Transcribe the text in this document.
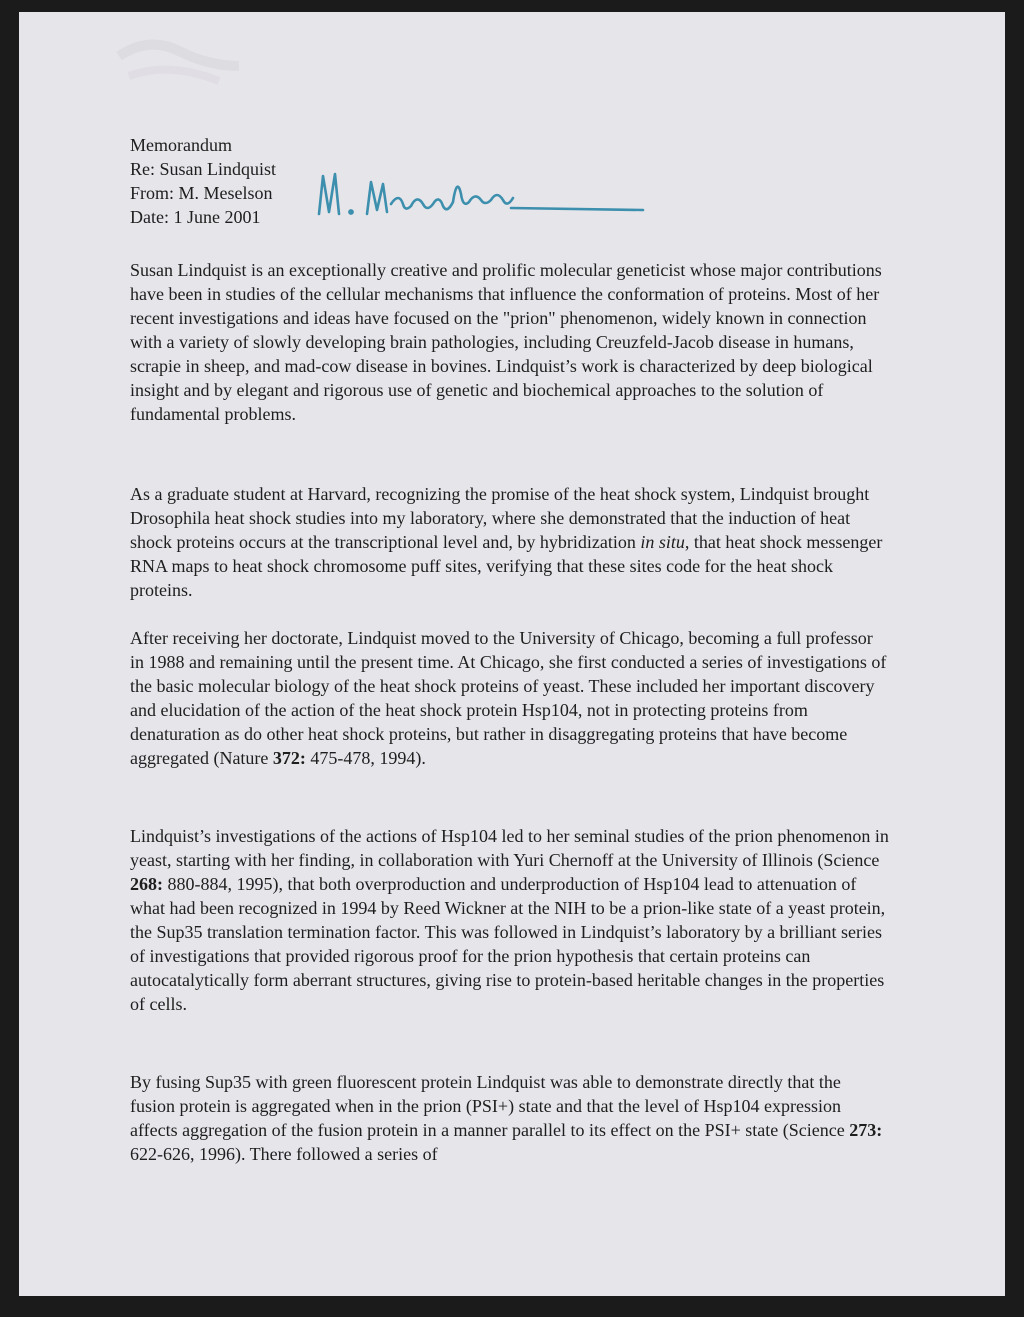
Memorandum
Re: Susan Lindquist
From: M. Meselson
Date: 1 June 2001

Susan Lindquist is an exceptionally creative and prolific molecular geneticist whose major contributions have been in studies of the cellular mechanisms that influence the conformation of proteins. Most of her recent investigations and ideas have focused on the "prion" phenomenon, widely known in connection with a variety of slowly developing brain pathologies, including Creuzfeld-Jacob disease in humans, scrapie in sheep, and mad-cow disease in bovines. Lindquist’s work is characterized by deep biological insight and by elegant and rigorous use of genetic and biochemical approaches to the solution of fundamental problems.

As a graduate student at Harvard, recognizing the promise of the heat shock system, Lindquist brought Drosophila heat shock studies into my laboratory, where she demonstrated that the induction of heat shock proteins occurs at the transcriptional level and, by hybridization in situ, that heat shock messenger RNA maps to heat shock chromosome puff sites, verifying that these sites code for the heat shock proteins.

After receiving her doctorate, Lindquist moved to the University of Chicago, becoming a full professor in 1988 and remaining until the present time. At Chicago, she first conducted a series of investigations of the basic molecular biology of the heat shock proteins of yeast. These included her important discovery and elucidation of the action of the heat shock protein Hsp104, not in protecting proteins from denaturation as do other heat shock proteins, but rather in disaggregating proteins that have become aggregated (Nature 372: 475-478, 1994).

Lindquist’s investigations of the actions of Hsp104 led to her seminal studies of the prion phenomenon in yeast, starting with her finding, in collaboration with Yuri Chernoff at the University of Illinois (Science 268: 880-884, 1995), that both overproduction and underproduction of Hsp104 lead to attenuation of what had been recognized in 1994 by Reed Wickner at the NIH to be a prion-like state of a yeast protein, the Sup35 translation termination factor. This was followed in Lindquist’s laboratory by a brilliant series of investigations that provided rigorous proof for the prion hypothesis that certain proteins can autocatalytically form aberrant structures, giving rise to protein-based heritable changes in the properties of cells.

By fusing Sup35 with green fluorescent protein Lindquist was able to demonstrate directly that the fusion protein is aggregated when in the prion (PSI+) state and that the level of Hsp104 expression affects aggregation of the fusion protein in a manner parallel to its effect on the PSI+ state (Science 273: 622-626, 1996). There followed a series of
